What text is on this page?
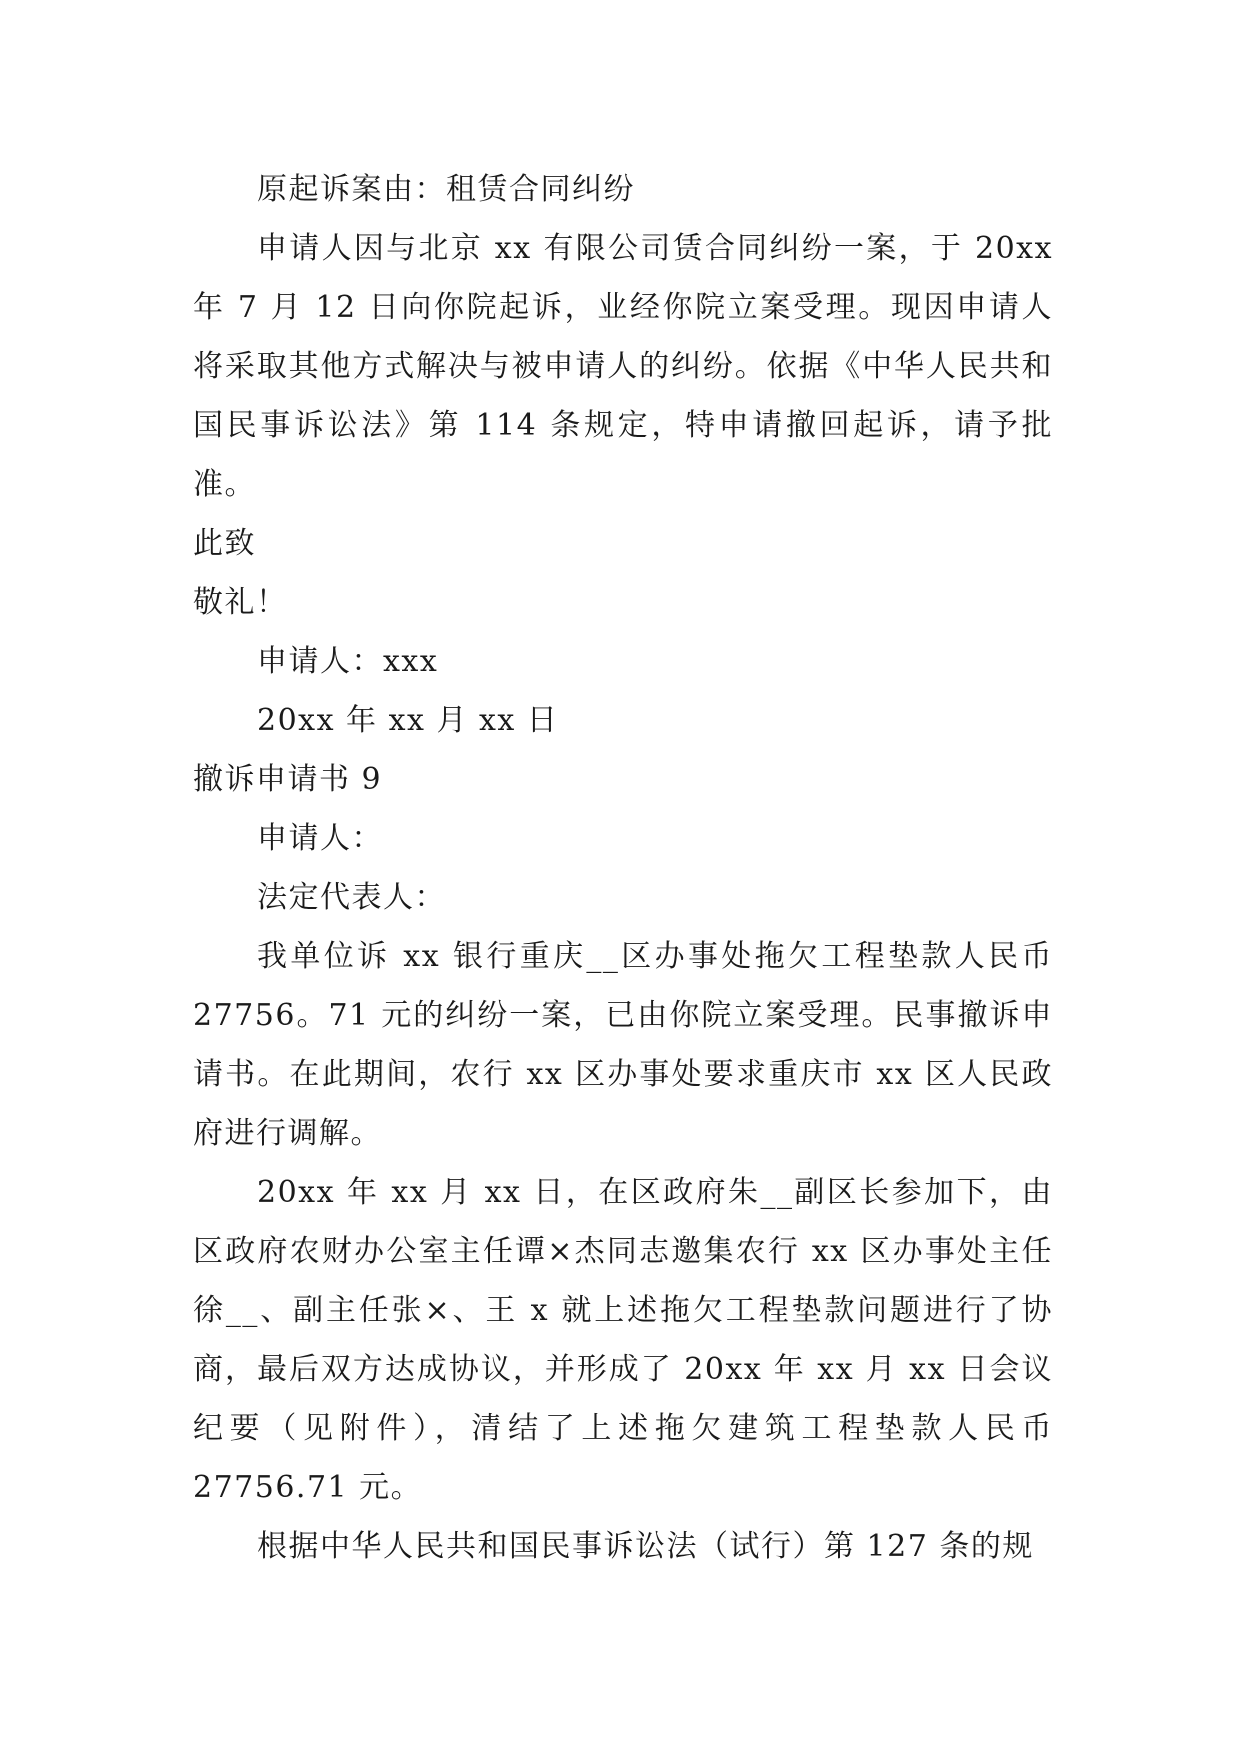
原起诉案由：租赁合同纠纷

申请人因与北京 xx 有限公司赁合同纠纷一案，于 20xx 年 7 月 12 日向你院起诉，业经你院立案受理。现因申请人将采取其他方式解决与被申请人的纠纷。依据《中华人民共和国民事诉讼法》第 114 条规定，特申请撤回起诉，请予批准。

此致

敬礼！

申请人：xxx

20xx 年 xx 月 xx 日

撤诉申请书 9

申请人：

法定代表人：

我单位诉 xx 银行重庆__区办事处拖欠工程垫款人民币 27756。71 元的纠纷一案，已由你院立案受理。民事撤诉申请书。在此期间，农行 xx 区办事处要求重庆市 xx 区人民政府进行调解。

20xx 年 xx 月 xx 日，在区政府朱__副区长参加下，由区政府农财办公室主任谭×杰同志邀集农行 xx 区办事处主任徐__、副主任张×、王 x 就上述拖欠工程垫款问题进行了协商，最后双方达成协议，并形成了 20xx 年 xx 月 xx 日会议纪要（见附件），清结了上述拖欠建筑工程垫款人民币 27756.71 元。

根据中华人民共和国民事诉讼法（试行）第 127 条的规
